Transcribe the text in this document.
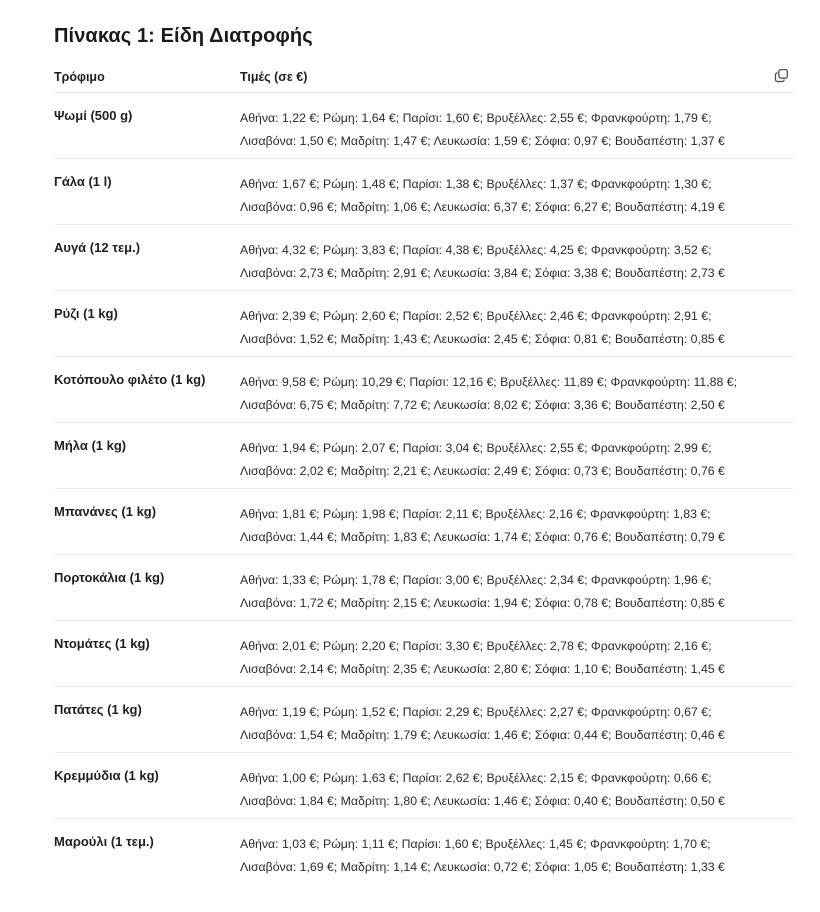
Πίνακας 1: Είδη Διατροφής
Τρόφιμο	Τιμές (σε €)
Ψωμί (500 g)	Αθήνα: 1,22 €; Ρώμη: 1,64 €; Παρίσι: 1,60 €; Βρυξέλλες: 2,55 €; Φρανκφούρτη: 1,79 €;
Λισαβόνα: 1,50 €; Μαδρίτη: 1,47 €; Λευκωσία: 1,59 €; Σόφια: 0,97 €; Βουδαπέστη: 1,37 €
Γάλα (1 l)	Αθήνα: 1,67 €; Ρώμη: 1,48 €; Παρίσι: 1,38 €; Βρυξέλλες: 1,37 €; Φρανκφούρτη: 1,30 €;
Λισαβόνα: 0,96 €; Μαδρίτη: 1,06 €; Λευκωσία: 6,37 €; Σόφια: 6,27 €; Βουδαπέστη: 4,19 €
Αυγά (12 τεμ.)	Αθήνα: 4,32 €; Ρώμη: 3,83 €; Παρίσι: 4,38 €; Βρυξέλλες: 4,25 €; Φρανκφούρτη: 3,52 €;
Λισαβόνα: 2,73 €; Μαδρίτη: 2,91 €; Λευκωσία: 3,84 €; Σόφια: 3,38 €; Βουδαπέστη: 2,73 €
Ρύζι (1 kg)	Αθήνα: 2,39 €; Ρώμη: 2,60 €; Παρίσι: 2,52 €; Βρυξέλλες: 2,46 €; Φρανκφούρτη: 2,91 €;
Λισαβόνα: 1,52 €; Μαδρίτη: 1,43 €; Λευκωσία: 2,45 €; Σόφια: 0,81 €; Βουδαπέστη: 0,85 €
Κοτόπουλο φιλέτο (1 kg)	Αθήνα: 9,58 €; Ρώμη: 10,29 €; Παρίσι: 12,16 €; Βρυξέλλες: 11,89 €; Φρανκφούρτη: 11,88 €;
Λισαβόνα: 6,75 €; Μαδρίτη: 7,72 €; Λευκωσία: 8,02 €; Σόφια: 3,36 €; Βουδαπέστη: 2,50 €
Μήλα (1 kg)	Αθήνα: 1,94 €; Ρώμη: 2,07 €; Παρίσι: 3,04 €; Βρυξέλλες: 2,55 €; Φρανκφούρτη: 2,99 €;
Λισαβόνα: 2,02 €; Μαδρίτη: 2,21 €; Λευκωσία: 2,49 €; Σόφια: 0,73 €; Βουδαπέστη: 0,76 €
Μπανάνες (1 kg)	Αθήνα: 1,81 €; Ρώμη: 1,98 €; Παρίσι: 2,11 €; Βρυξέλλες: 2,16 €; Φρανκφούρτη: 1,83 €;
Λισαβόνα: 1,44 €; Μαδρίτη: 1,83 €; Λευκωσία: 1,74 €; Σόφια: 0,76 €; Βουδαπέστη: 0,79 €
Πορτοκάλια (1 kg)	Αθήνα: 1,33 €; Ρώμη: 1,78 €; Παρίσι: 3,00 €; Βρυξέλλες: 2,34 €; Φρανκφούρτη: 1,96 €;
Λισαβόνα: 1,72 €; Μαδρίτη: 2,15 €; Λευκωσία: 1,94 €; Σόφια: 0,78 €; Βουδαπέστη: 0,85 €
Ντομάτες (1 kg)	Αθήνα: 2,01 €; Ρώμη: 2,20 €; Παρίσι: 3,30 €; Βρυξέλλες: 2,78 €; Φρανκφούρτη: 2,16 €;
Λισαβόνα: 2,14 €; Μαδρίτη: 2,35 €; Λευκωσία: 2,80 €; Σόφια: 1,10 €; Βουδαπέστη: 1,45 €
Πατάτες (1 kg)	Αθήνα: 1,19 €; Ρώμη: 1,52 €; Παρίσι: 2,29 €; Βρυξέλλες: 2,27 €; Φρανκφούρτη: 0,67 €;
Λισαβόνα: 1,54 €; Μαδρίτη: 1,79 €; Λευκωσία: 1,46 €; Σόφια: 0,44 €; Βουδαπέστη: 0,46 €
Κρεμμύδια (1 kg)	Αθήνα: 1,00 €; Ρώμη: 1,63 €; Παρίσι: 2,62 €; Βρυξέλλες: 2,15 €; Φρανκφούρτη: 0,66 €;
Λισαβόνα: 1,84 €; Μαδρίτη: 1,80 €; Λευκωσία: 1,46 €; Σόφια: 0,40 €; Βουδαπέστη: 0,50 €
Μαρούλι (1 τεμ.)	Αθήνα: 1,03 €; Ρώμη: 1,11 €; Παρίσι: 1,60 €; Βρυξέλλες: 1,45 €; Φρανκφούρτη: 1,70 €;
Λισαβόνα: 1,69 €; Μαδρίτη: 1,14 €; Λευκωσία: 0,72 €; Σόφια: 1,05 €; Βουδαπέστη: 1,33 €
